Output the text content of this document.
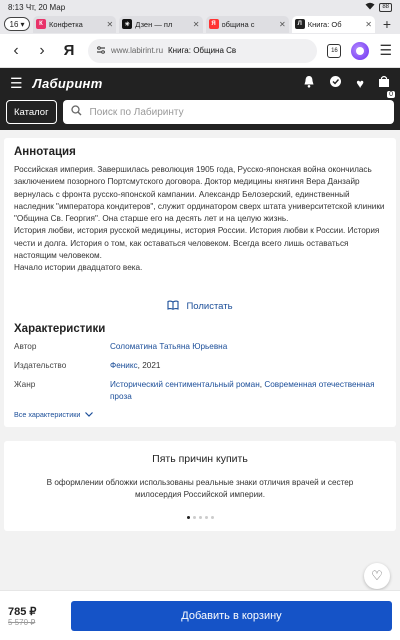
8:13 Чт, 20 Мар	88
16 ▾	К Конфетка	✕	✳ Дзен — пл	✕	Я община с	✕	Л Книга: Об	✕ +
‹	›	Я	www.labirint.ru Книга: Община Св	16	☰
☰ Лабиринт	♥
0
Каталог	Поиск по Лабиринту
Аннотация

Российская империя. Завершилась революция 1905 года, Русско-японская война окончилась заключением позорного Портсмутского договора. Доктор медицины княгиня Вера Данзайр вернулась с фронта русско-японской кампании. Александр Белозерский, единственный наследник "императора кондитеров", служит ординатором сверх штата университетской клиники "Община Св. Георгия". Она старше его на десять лет и на целую жизнь.

История любви, история русской медицины, история России. История любви к России. История чести и долга. История о том, как оставаться человеком. Всегда всего лишь оставаться настоящим человеком.

Начало истории двадцатого века.

Полистать
Характеристики
Автор	Соломатина Татьяна Юрьевна
Издательство	Феникс, 2021
Жанр	Исторический сентиментальный роман, Современная отечественная проза
Все характеристики
Пять причин купить

В оформлении обложки использованы реальные знаки отличия врачей и сестер милосердия Российской империи.

♡
785 ₽
5 570 ₽
Добавить в корзину
